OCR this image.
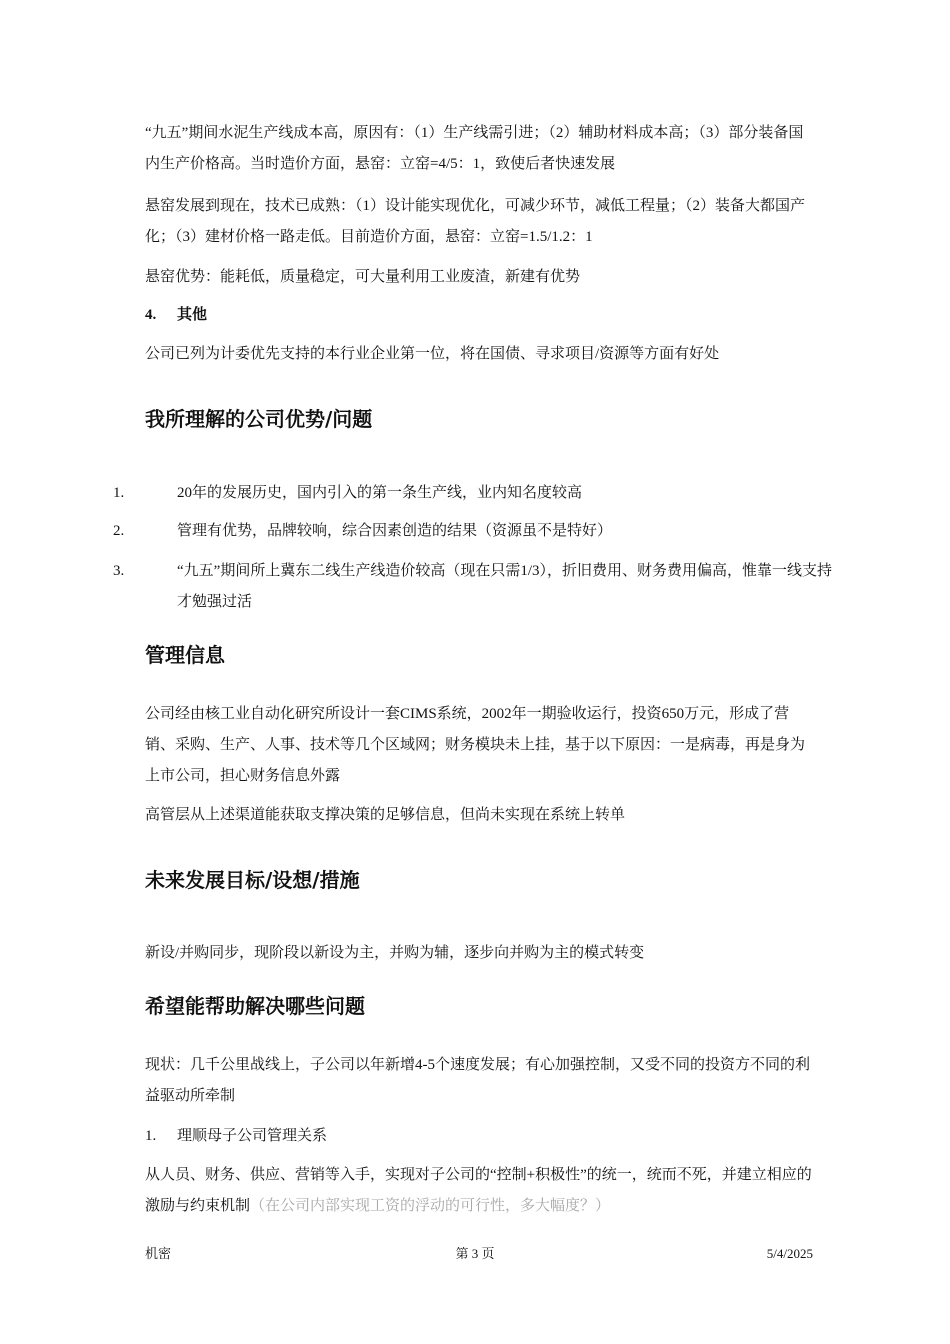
“九五”期间水泥生产线成本高，原因有：（1）生产线需引进；（2）辅助材料成本高；（3）部分装备国内生产价格高。当时造价方面，悬窑：立窑=4/5：1，致使后者快速发展

悬窑发展到现在，技术已成熟：（1）设计能实现优化，可减少环节，减低工程量；（2）装备大都国产化；（3）建材价格一路走低。目前造价方面，悬窑：立窑=1.5/1.2：1

悬窑优势：能耗低，质量稳定，可大量利用工业废渣，新建有优势

4. 其他

公司已列为计委优先支持的本行业企业第一位，将在国债、寻求项目/资源等方面有好处

我所理解的公司优势/问题

1.	20年的发展历史，国内引入的第一条生产线，业内知名度较高

2.	管理有优势，品牌较响，综合因素创造的结果（资源虽不是特好）

3.	“九五”期间所上冀东二线生产线造价较高（现在只需1/3），折旧费用、财务费用偏高，惟靠一线支持才勉强过活

管理信息

公司经由核工业自动化研究所设计一套CIMS系统，2002年一期验收运行，投资650万元，形成了营销、采购、生产、人事、技术等几个区域网；财务模块未上挂，基于以下原因：一是病毒，再是身为上市公司，担心财务信息外露

高管层从上述渠道能获取支撑决策的足够信息，但尚未实现在系统上转单

未来发展目标/设想/措施

新设/并购同步，现阶段以新设为主，并购为辅，逐步向并购为主的模式转变

希望能帮助解决哪些问题

现状：几千公里战线上，子公司以年新增4-5个速度发展；有心加强控制，又受不同的投资方不同的利益驱动所牵制

1. 理顺母子公司管理关系

从人员、财务、供应、营销等入手，实现对子公司的“控制+积极性”的统一，统而不死，并建立相应的激励与约束机制（在公司内部实现工资的浮动的可行性，多大幅度？）

机密	第 3 页	5/4/2025
